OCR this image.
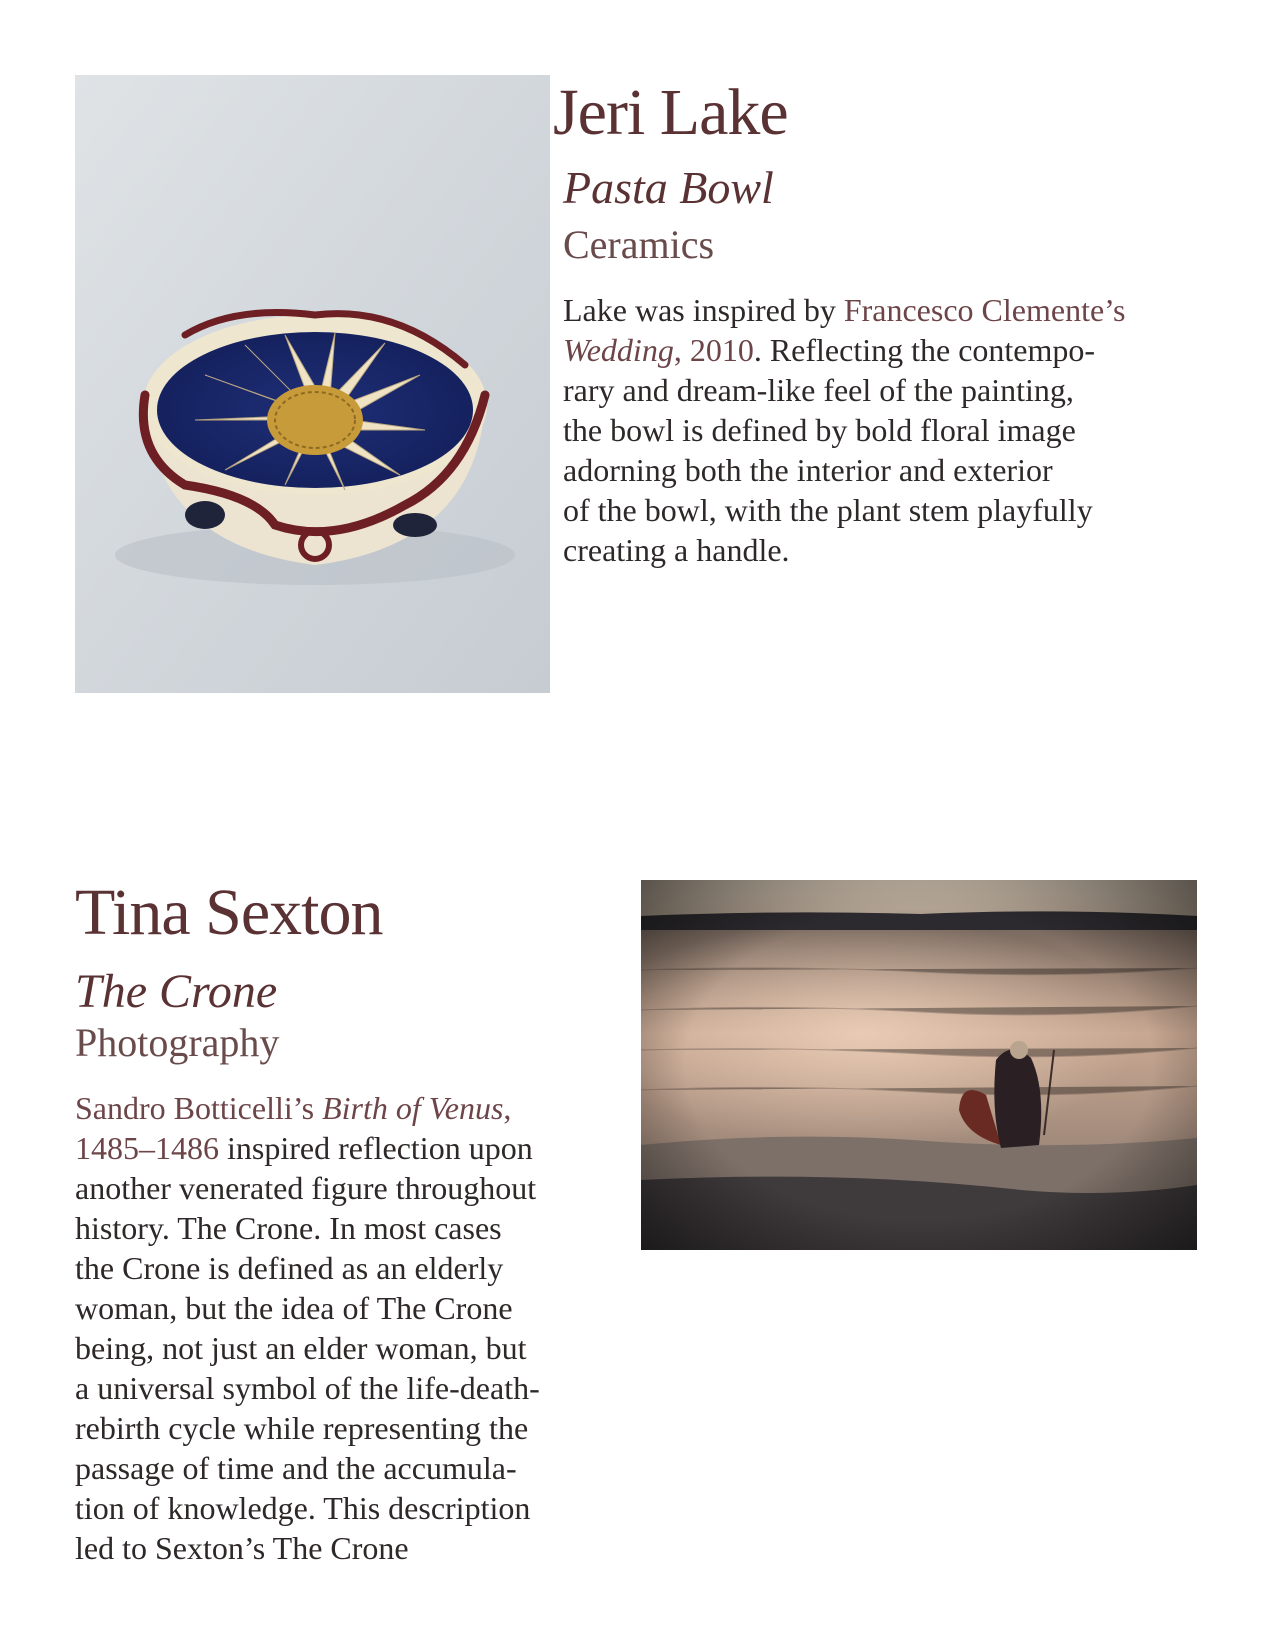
Jeri Lake
Pasta Bowl
Ceramics
Lake was inspired by Francesco Clemente’s
Wedding, 2010. Reflecting the contempo-
rary and dream-like feel of the painting,
the bowl is defined by bold floral image
adorning both the interior and exterior
of the bowl, with the plant stem playfully
creating a handle.
Tina Sexton
The Crone
Photography
Sandro Botticelli’s Birth of Venus,
1485–1486 inspired reflection upon
another venerated figure throughout
history. The Crone. In most cases
the Crone is defined as an elderly
woman, but the idea of The Crone
being, not just an elder woman, but
a universal symbol of the life-death-
rebirth cycle while representing the
passage of time and the accumula-
tion of knowledge. This description
led to Sexton’s The Crone
